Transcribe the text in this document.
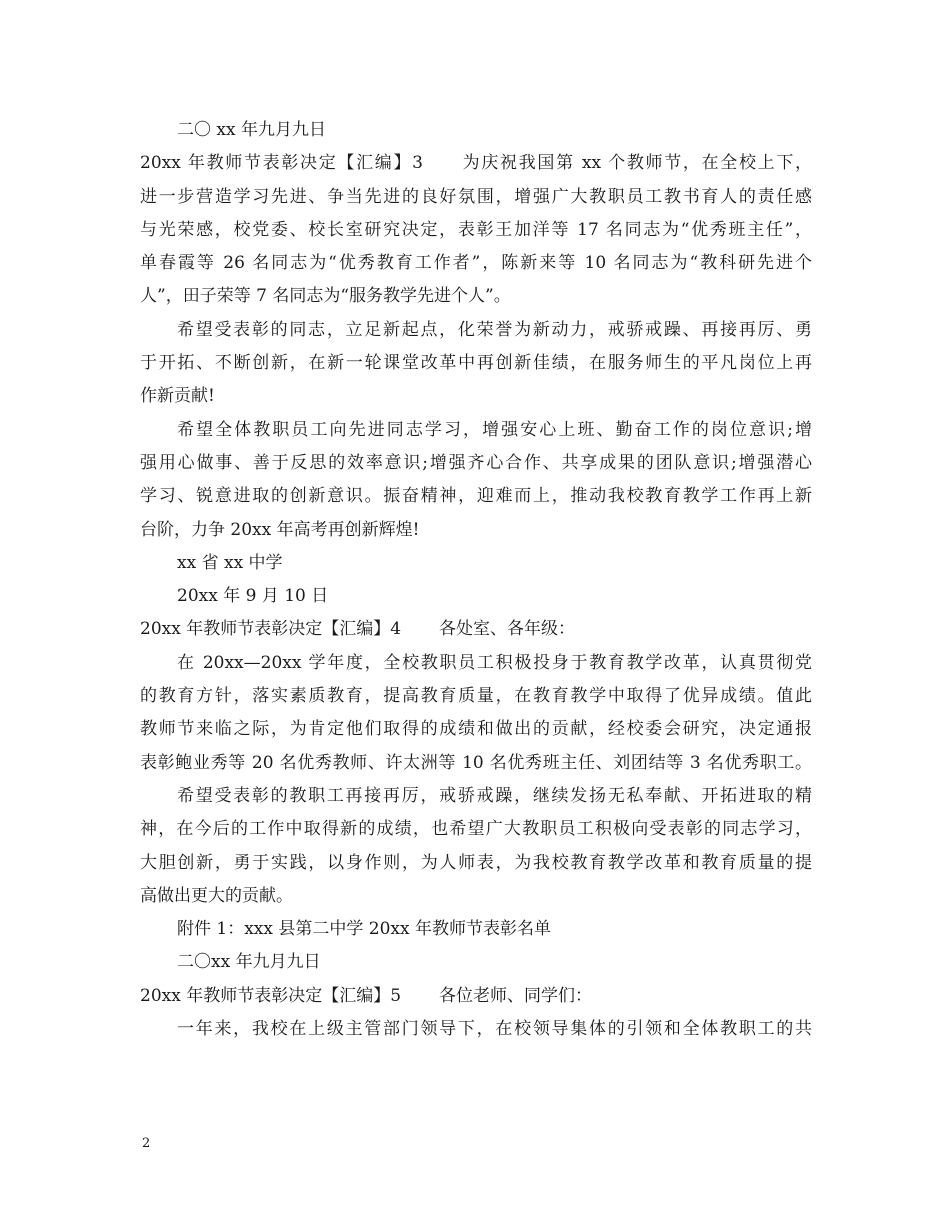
二〇 xx 年九月九日
20xx 年教师节表彰决定【汇编】3 为庆祝我国第 xx 个教师节，在全校上下，
进一步营造学习先进、争当先进的良好氛围，增强广大教职员工教书育人的责任感
与光荣感，校党委、校长室研究决定，表彰王加洋等 17 名同志为“优秀班主任”，
单春霞等 26 名同志为“优秀教育工作者”，陈新来等 10 名同志为“教科研先进个
人”，田子荣等 7 名同志为“服务教学先进个人”。
希望受表彰的同志，立足新起点，化荣誉为新动力，戒骄戒躁、再接再厉、勇
于开拓、不断创新，在新一轮课堂改革中再创新佳绩，在服务师生的平凡岗位上再
作新贡献!
希望全体教职员工向先进同志学习，增强安心上班、勤奋工作的岗位意识;增
强用心做事、善于反思的效率意识;增强齐心合作、共享成果的团队意识;增强潜心
学习、锐意进取的创新意识。振奋精神，迎难而上，推动我校教育教学工作再上新
台阶，力争 20xx 年高考再创新辉煌!
xx 省 xx 中学
20xx 年 9 月 10 日
20xx 年教师节表彰决定【汇编】4 各处室、各年级：
在 20xx—20xx 学年度，全校教职员工积极投身于教育教学改革，认真贯彻党
的教育方针，落实素质教育，提高教育质量，在教育教学中取得了优异成绩。值此
教师节来临之际，为肯定他们取得的成绩和做出的贡献，经校委会研究，决定通报
表彰鲍业秀等 20 名优秀教师、许太洲等 10 名优秀班主任、刘团结等 3 名优秀职工。
希望受表彰的教职工再接再厉，戒骄戒躁，继续发扬无私奉献、开拓进取的精
神，在今后的工作中取得新的成绩，也希望广大教职员工积极向受表彰的同志学习，
大胆创新，勇于实践，以身作则，为人师表，为我校教育教学改革和教育质量的提
高做出更大的贡献。
附件 1：xxx 县第二中学 20xx 年教师节表彰名单
二〇xx 年九月九日
20xx 年教师节表彰决定【汇编】5 各位老师、同学们：
一年来，我校在上级主管部门领导下，在校领导集体的引领和全体教职工的共
2
